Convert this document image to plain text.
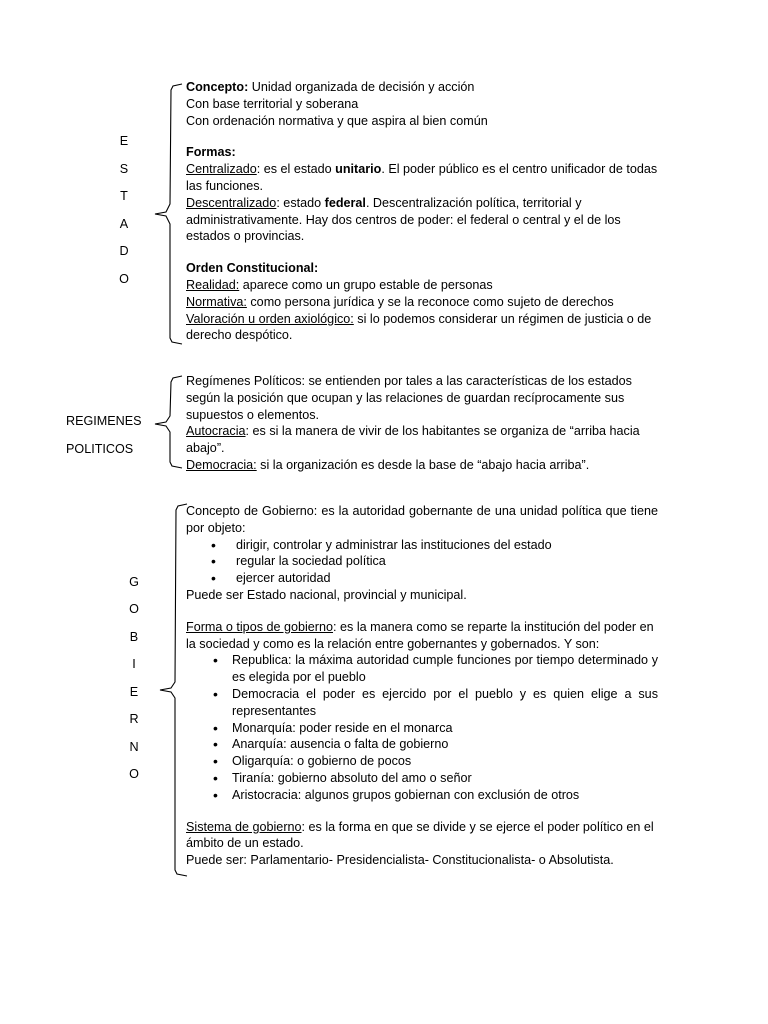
E
S
T
A
D
O

Concepto: Unidad organizada de decisión y acción

Con base territorial y soberana

Con ordenación normativa y que aspira al bien común

Formas:

Centralizado: es el estado unitario. El poder público es el centro unificador de todas las funciones.

Descentralizado: estado federal. Descentralización política, territorial y administrativamente. Hay dos centros de poder: el federal o central y el de los estados o provincias.

Orden Constitucional:

Realidad: aparece como un grupo estable de personas

Normativa: como persona jurídica y se la reconoce como sujeto de derechos

Valoración u orden axiológico: si lo podemos considerar un régimen de justicia o de derecho despótico.

REGIMENES
POLITICOS

Regímenes Políticos: se entienden por tales a las características de los estados según la posición que ocupan y las relaciones de guardan recíprocamente sus supuestos o elementos.

Autocracia: es si la manera de vivir de los habitantes se organiza de “arriba hacia abajo”.

Democracia: si la organización es desde la base de “abajo hacia arriba”.

G
O
B
I
E
R
N
O

Concepto de Gobierno: es la autoridad gobernante de una unidad política que tiene por objeto:

• dirigir, controlar y administrar las instituciones del estado
• regular la sociedad política
• ejercer autoridad

Puede ser Estado nacional, provincial y municipal.

Forma o tipos de gobierno: es la manera como se reparte la institución del poder en la sociedad y como es la relación entre gobernantes y gobernados. Y son:

• Republica: la máxima autoridad cumple funciones por tiempo determinado y es elegida por el pueblo
• Democracia el poder es ejercido por el pueblo y es quien elige a sus representantes
• Monarquía: poder reside en el monarca
• Anarquía: ausencia o falta de gobierno
• Oligarquía: o gobierno de pocos
• Tiranía: gobierno absoluto del amo o señor
• Aristocracia: algunos grupos gobiernan con exclusión de otros

Sistema de gobierno: es la forma en que se divide y se ejerce el poder político en el ámbito de un estado.

Puede ser: Parlamentario- Presidencialista- Constitucionalista- o Absolutista.
